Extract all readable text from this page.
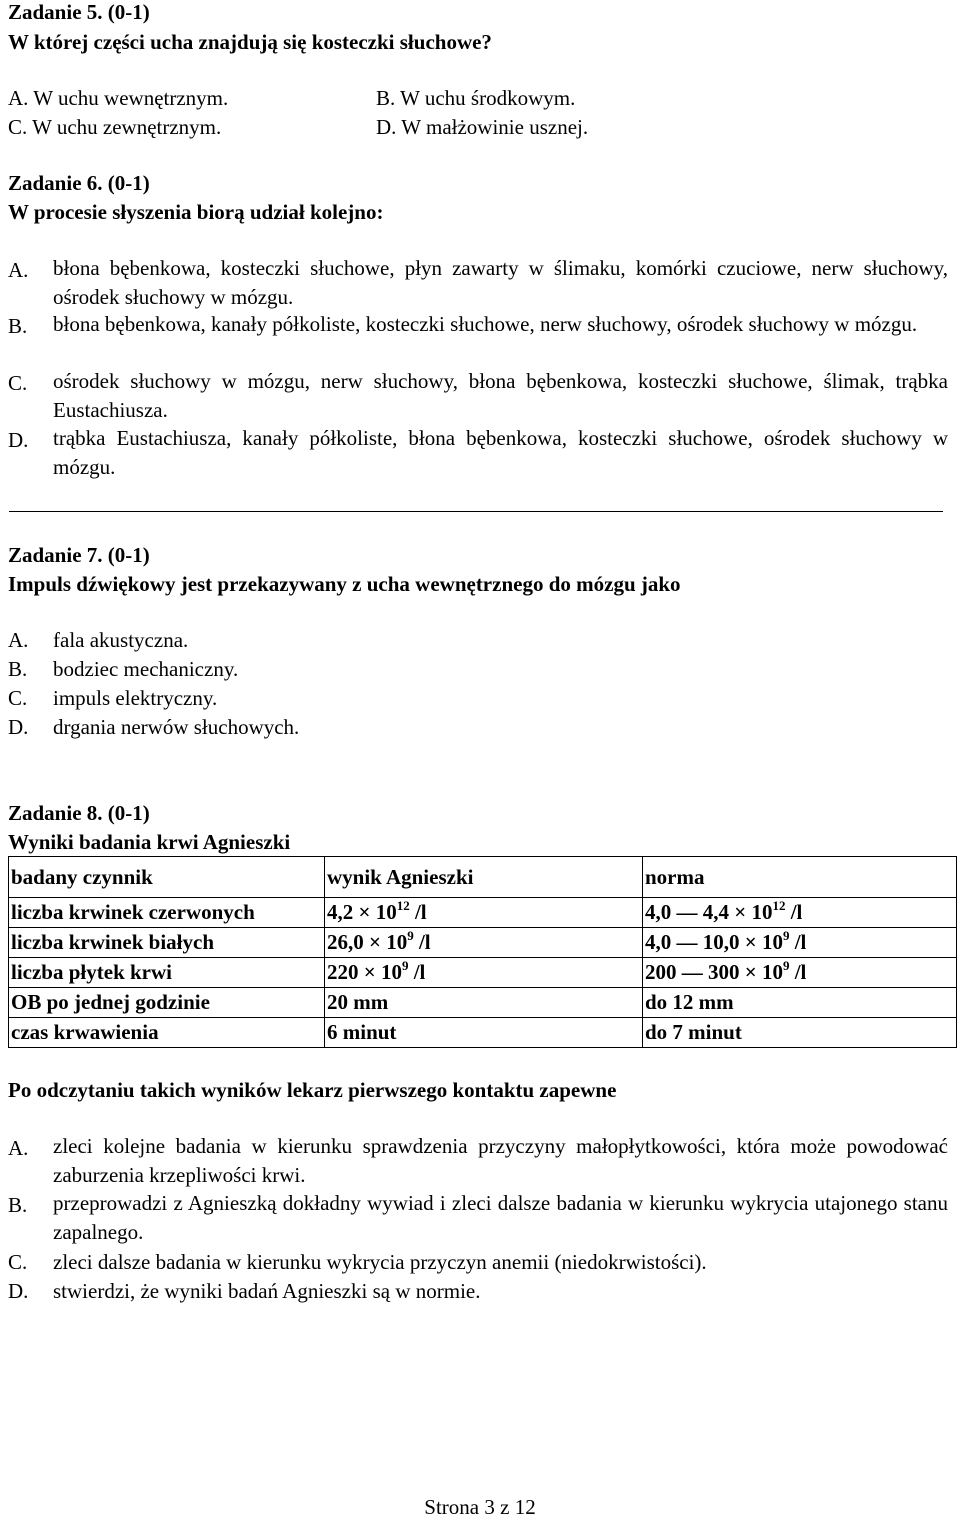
Zadanie 5. (0-1)
W której części ucha znajdują się kosteczki słuchowe?
A. W uchu wewnętrznym.	B. W uchu środkowym.
C. W uchu zewnętrznym.	D. W małżowinie usznej.
Zadanie 6. (0-1)
W procesie słyszenia biorą udział kolejno:
A. błona bębenkowa, kosteczki słuchowe, płyn zawarty w ślimaku, komórki czuciowe, nerw słuchowy, ośrodek słuchowy w mózgu.
B. błona bębenkowa, kanały półkoliste, kosteczki słuchowe, nerw słuchowy, ośrodek słuchowy w mózgu.
C. ośrodek słuchowy w mózgu, nerw słuchowy, błona bębenkowa, kosteczki słuchowe, ślimak, trąbka Eustachiusza.
D. trąbka Eustachiusza, kanały półkoliste, błona bębenkowa, kosteczki słuchowe, ośrodek słuchowy w mózgu.
Zadanie 7. (0-1)
Impuls dźwiękowy jest przekazywany z ucha wewnętrznego do mózgu jako
A. fala akustyczna.
B. bodziec mechaniczny.
C. impuls elektryczny.
D. drgania nerwów słuchowych.
Zadanie 8. (0-1)
Wyniki badania krwi Agnieszki
badany czynnik	wynik Agnieszki	norma
liczba krwinek czerwonych	$4,2 \times 10^{12}$ /l	4,0 — $4,4 \times 10^{12}$ /l
liczba krwinek białych	$26,0 \times 10^9$ /l	4,0 — $10,0 \times 10^9$ /l
liczba płytek krwi	$220 \times 10^9$ /l	200 — $300 \times 10^9$ /l
OB po jednej godzinie	20 mm	do 12 mm
czas krwawienia	6 minut	do 7 minut
Po odczytaniu takich wyników lekarz pierwszego kontaktu zapewne
A. zleci kolejne badania w kierunku sprawdzenia przyczyny małopłytkowości, która może powodować zaburzenia krzepliwości krwi.
B. przeprowadzi z Agnieszką dokładny wywiad i zleci dalsze badania w kierunku wykrycia utajonego stanu zapalnego.
C. zleci dalsze badania w kierunku wykrycia przyczyn anemii (niedokrwistości).
D. stwierdzi, że wyniki badań Agnieszki są w normie.
Strona 3 z 12
